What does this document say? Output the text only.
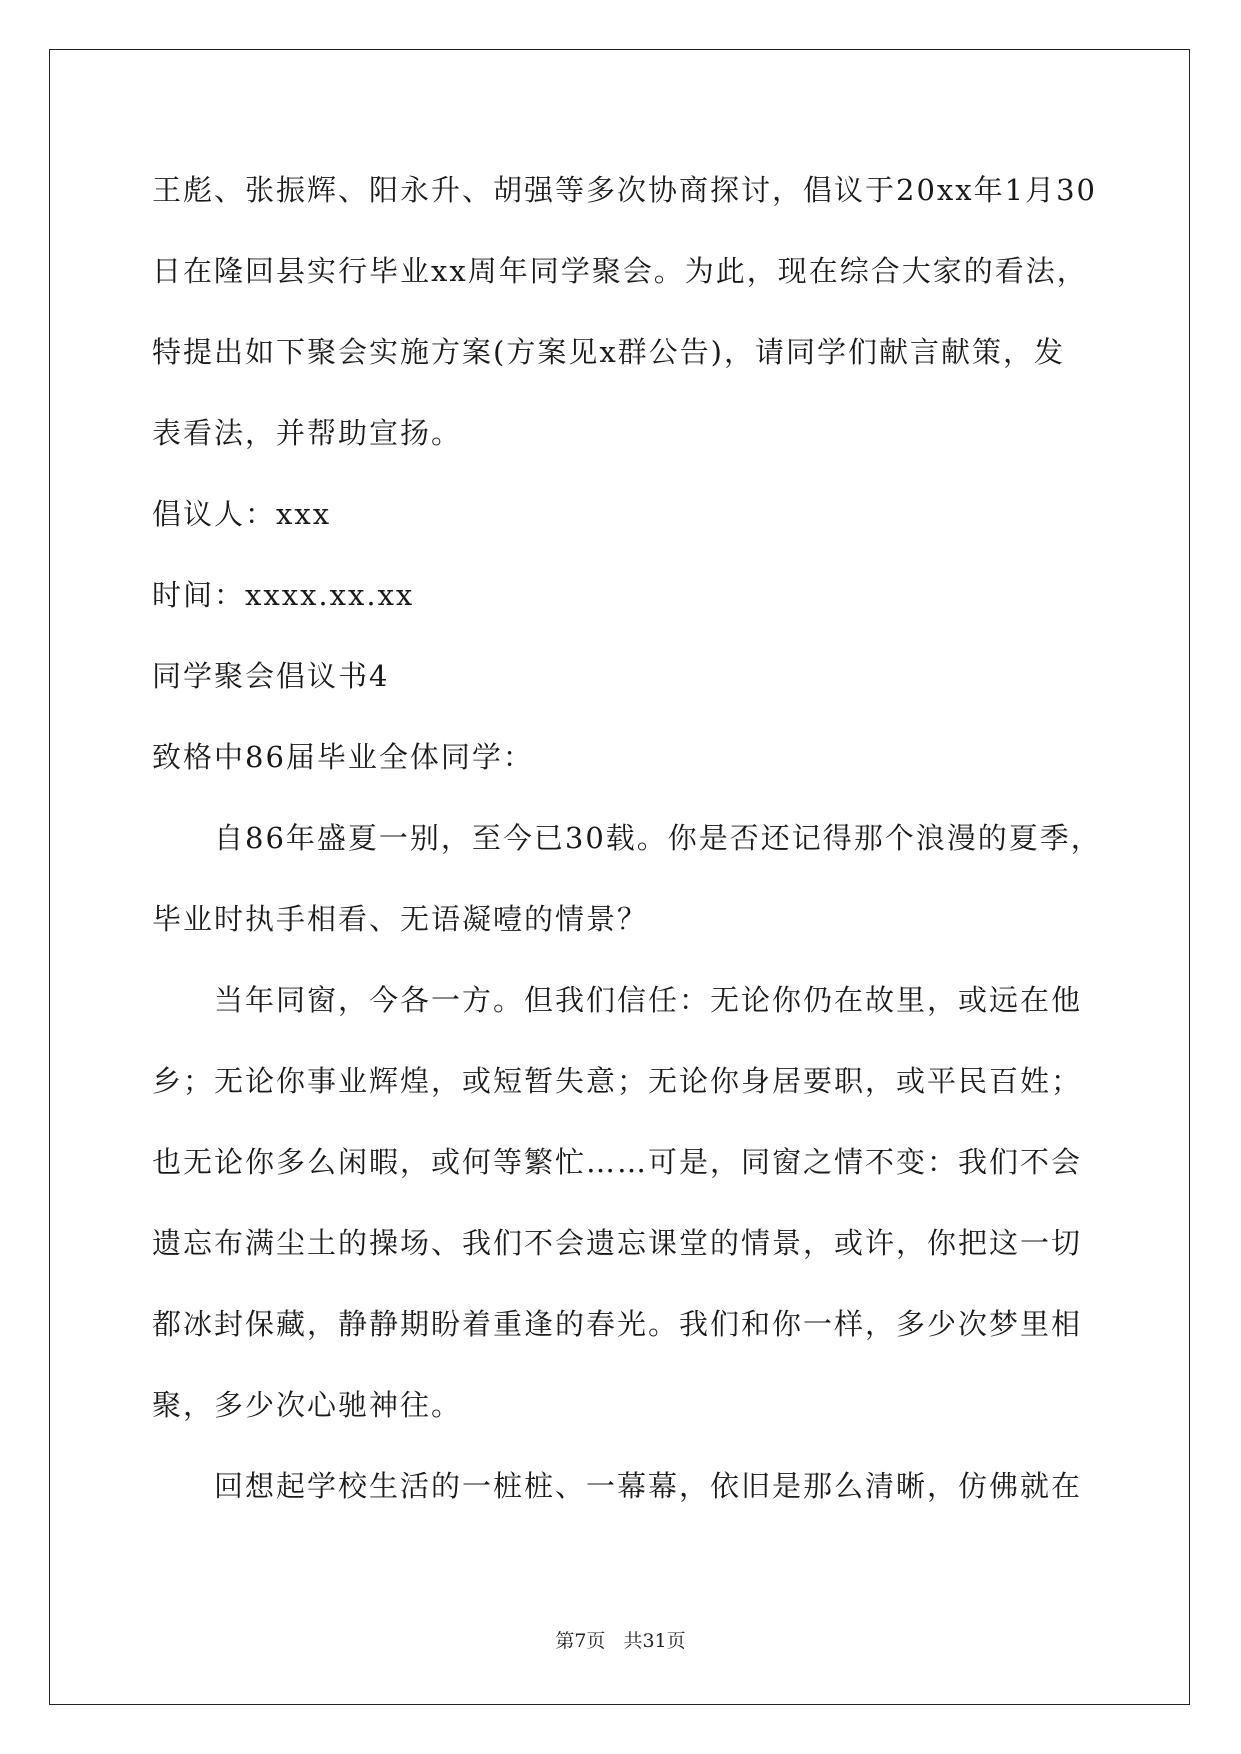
王彪、张振辉、阳永升、胡强等多次协商探讨，倡议于20xx年1月30
日在隆回县实行毕业xx周年同学聚会。为此，现在综合大家的看法，
特提出如下聚会实施方案(方案见x群公告)，请同学们献言献策，发
表看法，并帮助宣扬。
倡议人：xxx
时间：xxxx.xx.xx
同学聚会倡议书4
致格中86届毕业全体同学：
自86年盛夏一别，至今已30载。你是否还记得那个浪漫的夏季，
毕业时执手相看、无语凝噎的情景？
当年同窗，今各一方。但我们信任：无论你仍在故里，或远在他
乡；无论你事业辉煌，或短暂失意；无论你身居要职，或平民百姓；
也无论你多么闲暇，或何等繁忙……可是，同窗之情不变：我们不会
遗忘布满尘土的操场、我们不会遗忘课堂的情景，或许，你把这一切
都冰封保藏，静静期盼着重逢的春光。我们和你一样，多少次梦里相
聚，多少次心驰神往。
回想起学校生活的一桩桩、一幕幕，依旧是那么清晰，仿佛就在
第7页 共31页
